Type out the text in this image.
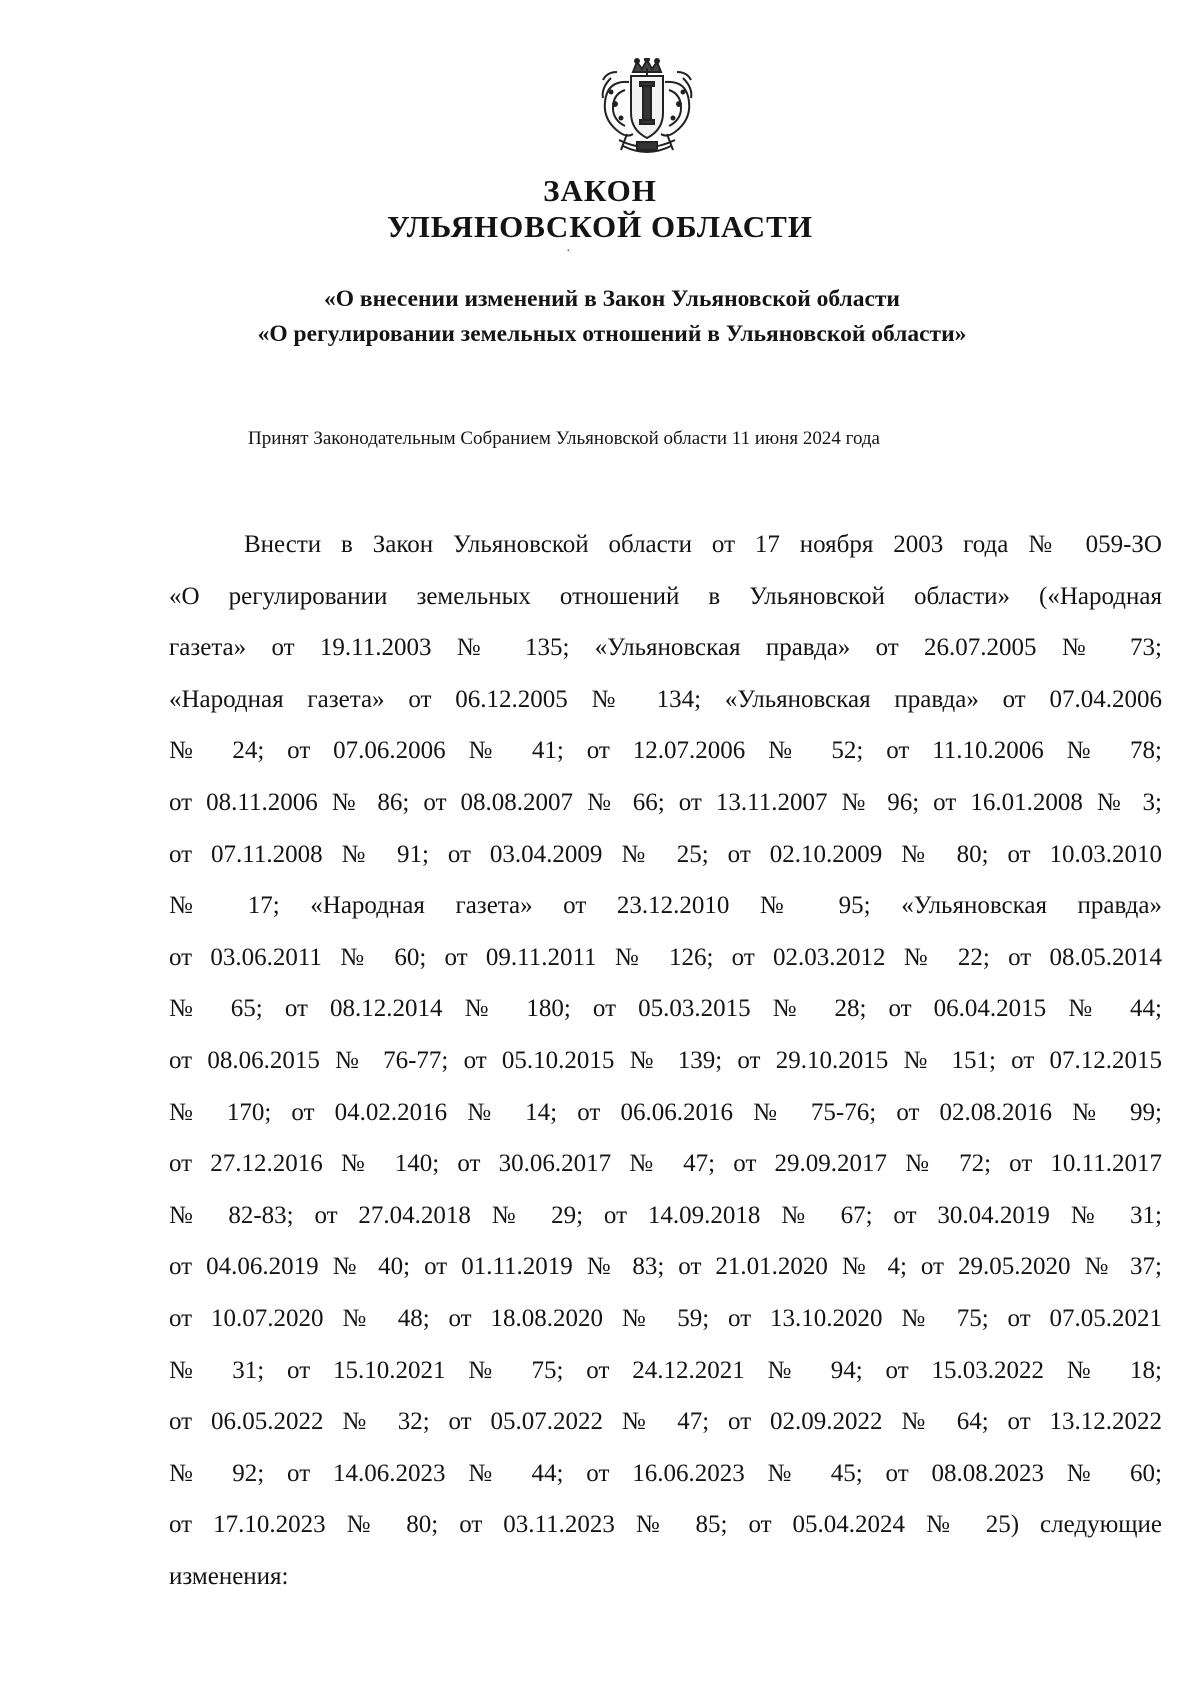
ЗАКОН
УЛЬЯНОВСКОЙ ОБЛАСТИ
·
«О внесении изменений в Закон Ульяновской области
«О регулировании земельных отношений в Ульяновской области»

Принят Законодательным Собранием Ульяновской области 11 июня 2024 года

Внести в Закон Ульяновской области от 17 ноября 2003 года № 059-ЗО
«О регулировании земельных отношений в Ульяновской области» («Народная
газета» от 19.11.2003 № 135; «Ульяновская правда» от 26.07.2005 № 73;
«Народная газета» от 06.12.2005 № 134; «Ульяновская правда» от 07.04.2006
№ 24; от 07.06.2006 № 41; от 12.07.2006 № 52; от 11.10.2006 № 78;
от 08.11.2006 № 86; от 08.08.2007 № 66; от 13.11.2007 № 96; от 16.01.2008 № 3;
от 07.11.2008 № 91; от 03.04.2009 № 25; от 02.10.2009 № 80; от 10.03.2010
№ 17; «Народная газета» от 23.12.2010 № 95; «Ульяновская правда»
от 03.06.2011 № 60; от 09.11.2011 № 126; от 02.03.2012 № 22; от 08.05.2014
№ 65; от 08.12.2014 № 180; от 05.03.2015 № 28; от 06.04.2015 № 44;
от 08.06.2015 № 76-77; от 05.10.2015 № 139; от 29.10.2015 № 151; от 07.12.2015
№ 170; от 04.02.2016 № 14; от 06.06.2016 № 75-76; от 02.08.2016 № 99;
от 27.12.2016 № 140; от 30.06.2017 № 47; от 29.09.2017 № 72; от 10.11.2017
№ 82-83; от 27.04.2018 № 29; от 14.09.2018 № 67; от 30.04.2019 № 31;
от 04.06.2019 № 40; от 01.11.2019 № 83; от 21.01.2020 № 4; от 29.05.2020 № 37;
от 10.07.2020 № 48; от 18.08.2020 № 59; от 13.10.2020 № 75; от 07.05.2021
№ 31; от 15.10.2021 № 75; от 24.12.2021 № 94; от 15.03.2022 № 18;
от 06.05.2022 № 32; от 05.07.2022 № 47; от 02.09.2022 № 64; от 13.12.2022
№ 92; от 14.06.2023 № 44; от 16.06.2023 № 45; от 08.08.2023 № 60;
от 17.10.2023 № 80; от 03.11.2023 № 85; от 05.04.2024 № 25) следующие
изменения:
